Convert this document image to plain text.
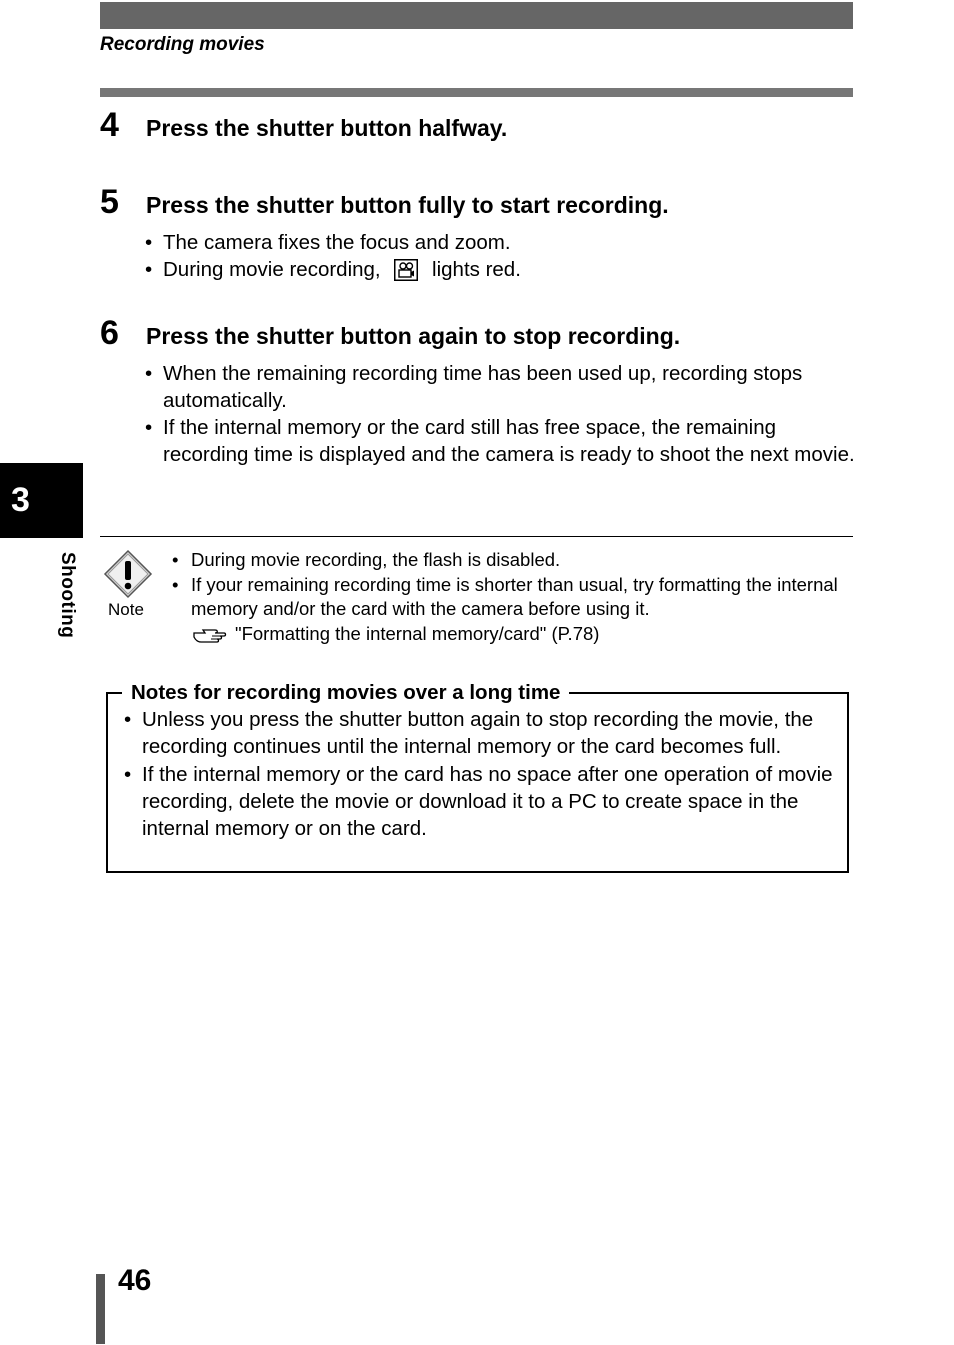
Recording movies
4 Press the shutter button halfway.
5 Press the shutter button fully to start recording.
• The camera fixes the focus and zoom.
• During movie recording,	lights red.
6 Press the shutter button again to stop recording.
• When the remaining recording time has been used up, recording stops automatically.
• If the internal memory or the card still has free space, the remaining recording time is displayed and the camera is ready to shoot the next movie.
3
Shooting Note
• During movie recording, the flash is disabled.
• If your remaining recording time is shorter than usual, try formatting the internal memory and/or the card with the camera before using it.
"Formatting the internal memory/card" (P.78)
Notes for recording movies over a long time
• Unless you press the shutter button again to stop recording the movie, the recording continues until the internal memory or the card becomes full.
• If the internal memory or the card has no space after one operation of movie recording, delete the movie or download it to a PC to create space in the internal memory or on the card.
46
